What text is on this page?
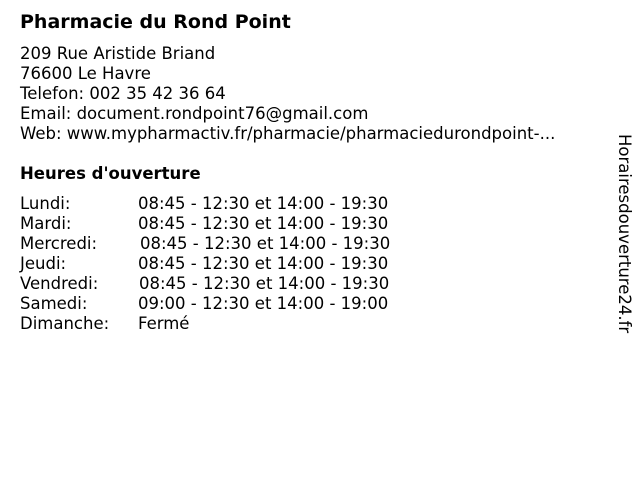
Pharmacie du Rond Point
209 Rue Aristide Briand
76600 Le Havre
Telefon: 002 35 42 36 64
Email: document.rondpoint76@gmail.com
Web: www.mypharmactiv.fr/pharmacie/pharmaciedurondpoint-...
Heures d'ouverture
Lundi:	08:45 - 12:30 et 14:00 - 19:30
Mardi:	08:45 - 12:30 et 14:00 - 19:30
Mercredi:	08:45 - 12:30 et 14:00 - 19:30
Jeudi:	08:45 - 12:30 et 14:00 - 19:30
Vendredi: 08:45 - 12:30 et 14:00 - 19:30
Samedi:	09:00 - 12:30 et 14:00 - 19:00
Dimanche: Fermé	Horairesdouverture24.fr
